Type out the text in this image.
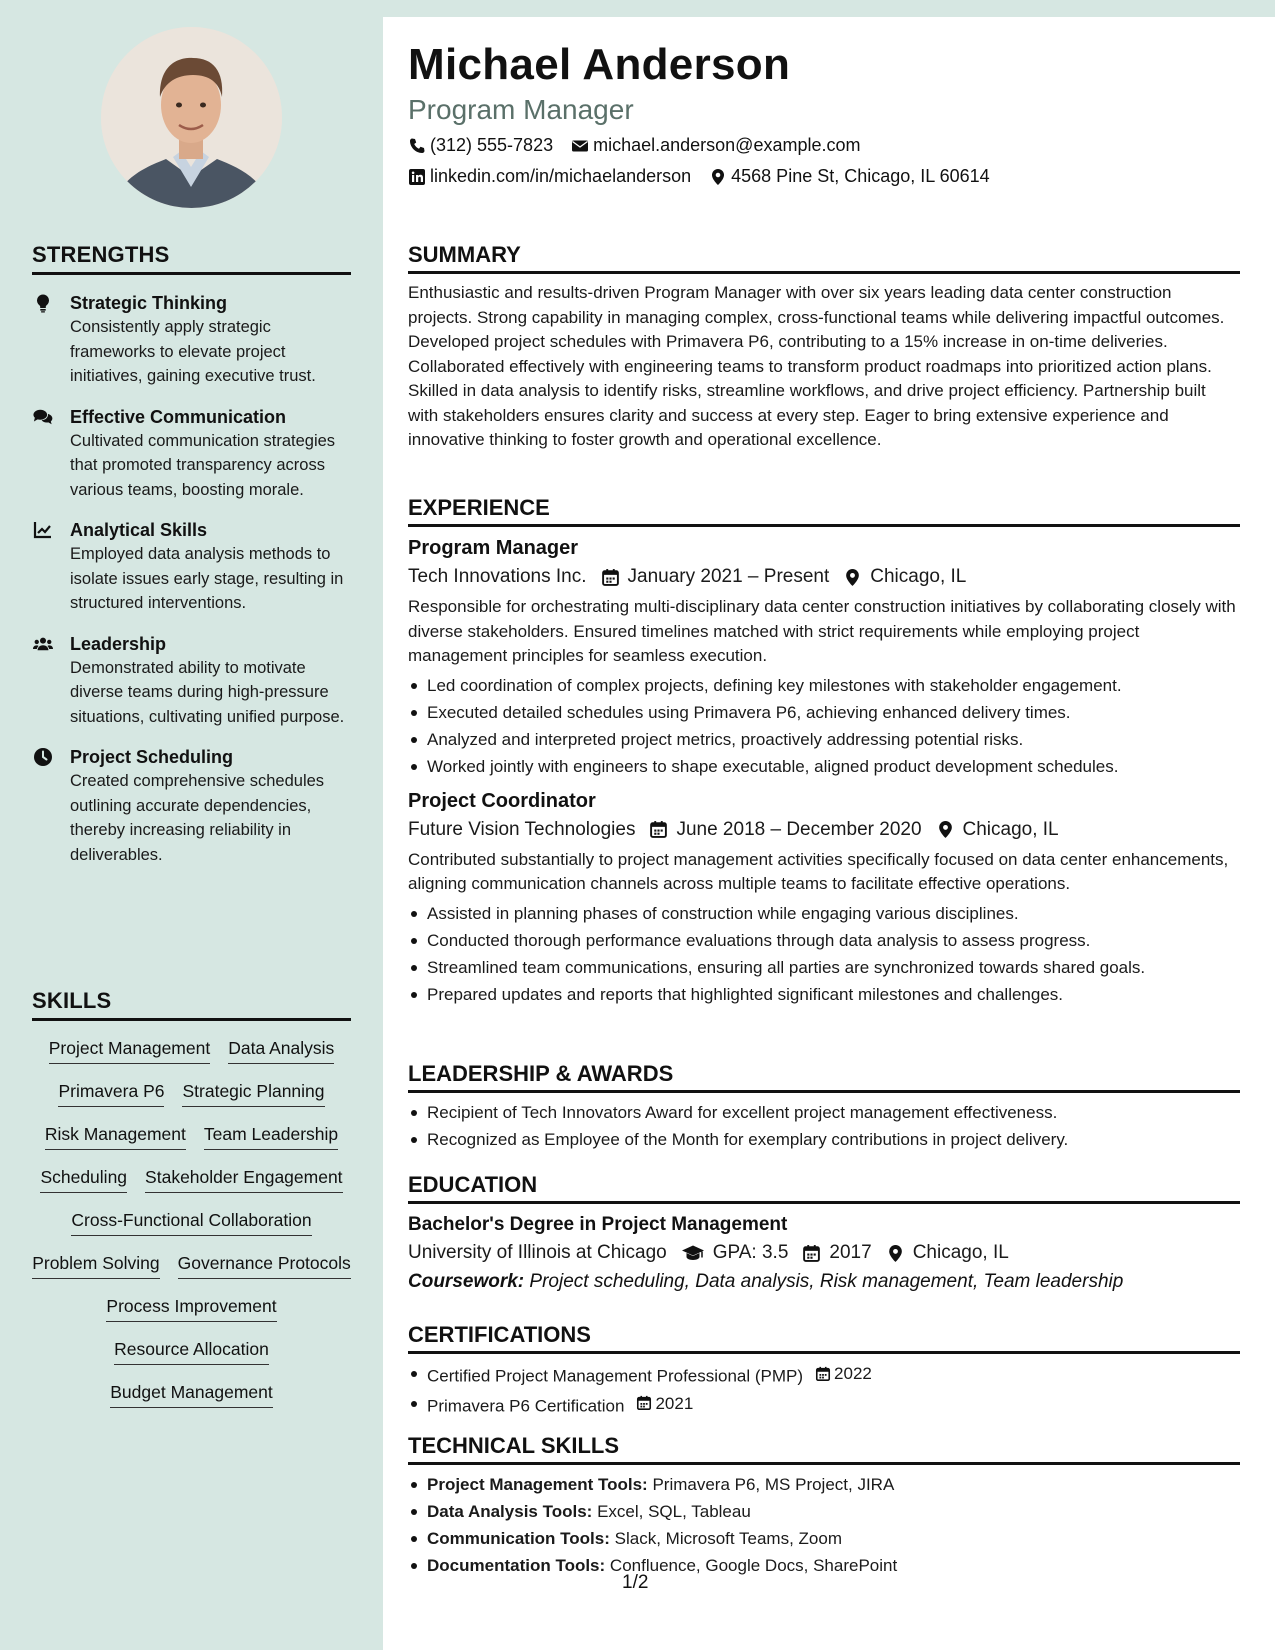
STRENGTHS
Strategic Thinking
Consistently apply strategic frameworks to elevate project initiatives, gaining executive trust.
Effective Communication
Cultivated communication strategies that promoted transparency across various teams, boosting morale.
Analytical Skills
Employed data analysis methods to isolate issues early stage, resulting in structured interventions.
Leadership
Demonstrated ability to motivate diverse teams during high-pressure situations, cultivating unified purpose.
Project Scheduling
Created comprehensive schedules outlining accurate dependencies, thereby increasing reliability in deliverables.
SKILLS
Project Management Data Analysis
Primavera P6 Strategic Planning
Risk Management Team Leadership
Scheduling Stakeholder Engagement
Cross-Functional Collaboration
Problem Solving Governance Protocols
Process Improvement
Resource Allocation
Budget Management
Michael Anderson
Program Manager
(312) 555-7823 michael.anderson@example.com
linkedin.com/in/michaelanderson 4568 Pine St, Chicago, IL 60614
SUMMARY
Enthusiastic and results-driven Program Manager with over six years leading data center construction projects. Strong capability in managing complex, cross-functional teams while delivering impactful outcomes. Developed project schedules with Primavera P6, contributing to a 15% increase in on-time deliveries. Collaborated effectively with engineering teams to transform product roadmaps into prioritized action plans. Skilled in data analysis to identify risks, streamline workflows, and drive project efficiency. Partnership built with stakeholders ensures clarity and success at every step. Eager to bring extensive experience and innovative thinking to foster growth and operational excellence.
EXPERIENCE
Program Manager
Tech Innovations Inc. January 2021 – Present Chicago, IL
Responsible for orchestrating multi-disciplinary data center construction initiatives by collaborating closely with diverse stakeholders. Ensured timelines matched with strict requirements while employing project management principles for seamless execution.
Led coordination of complex projects, defining key milestones with stakeholder engagement.
Executed detailed schedules using Primavera P6, achieving enhanced delivery times.
Analyzed and interpreted project metrics, proactively addressing potential risks.
Worked jointly with engineers to shape executable, aligned product development schedules.
Project Coordinator
Future Vision Technologies June 2018 – December 2020 Chicago, IL
Contributed substantially to project management activities specifically focused on data center enhancements, aligning communication channels across multiple teams to facilitate effective operations.
Assisted in planning phases of construction while engaging various disciplines.
Conducted thorough performance evaluations through data analysis to assess progress.
Streamlined team communications, ensuring all parties are synchronized towards shared goals.
Prepared updates and reports that highlighted significant milestones and challenges.
LEADERSHIP & AWARDS
Recipient of Tech Innovators Award for excellent project management effectiveness.
Recognized as Employee of the Month for exemplary contributions in project delivery.
EDUCATION
Bachelor's Degree in Project Management
University of Illinois at Chicago GPA: 3.5 2017 Chicago, IL
Coursework: Project scheduling, Data analysis, Risk management, Team leadership
CERTIFICATIONS
Certified Project Management Professional (PMP) 2022
Primavera P6 Certification 2021
TECHNICAL SKILLS
Project Management Tools: Primavera P6, MS Project, JIRA
Data Analysis Tools: Excel, SQL, Tableau
Communication Tools: Slack, Microsoft Teams, Zoom
Documentation Tools: Confluence, Google Docs, SharePoint
1/2
